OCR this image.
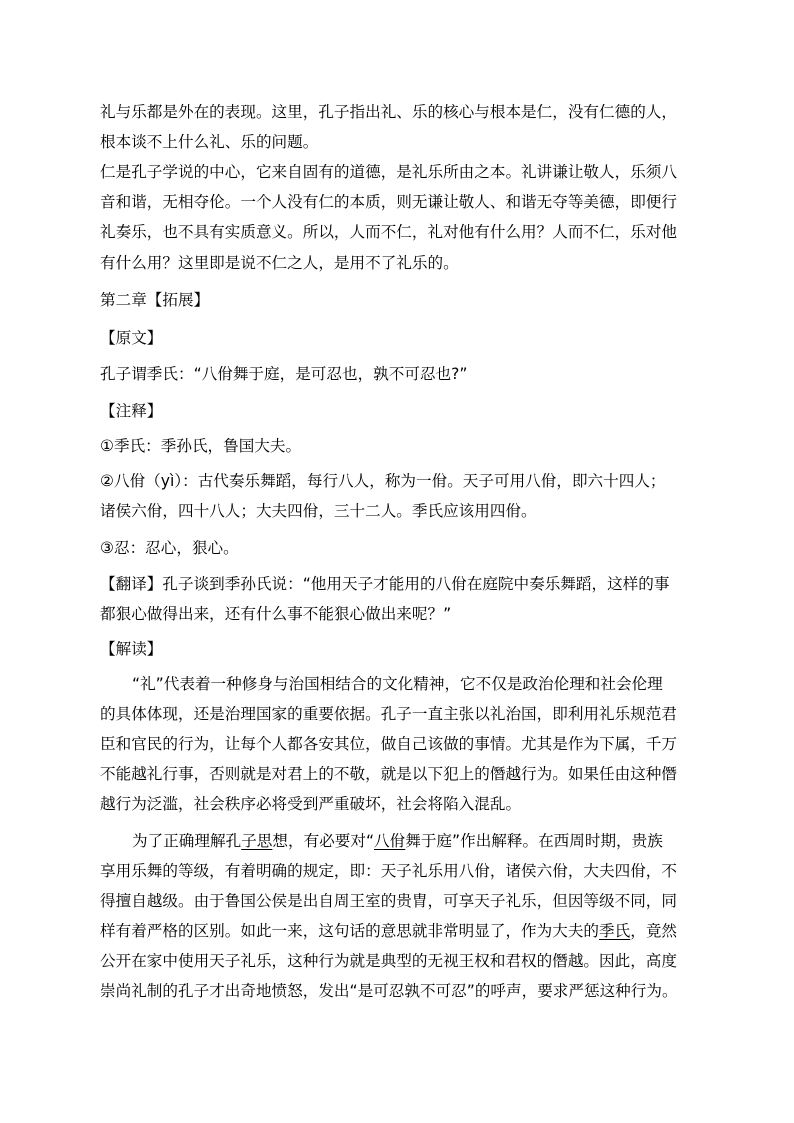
礼与乐都是外在的表现。这里，孔子指出礼、乐的核心与根本是仁，没有仁德的人，
根本谈不上什么礼、乐的问题。
仁是孔子学说的中心，它来自固有的道德，是礼乐所由之本。礼讲谦让敬人，乐须八
音和谐，无相夺伦。一个人没有仁的本质，则无谦让敬人、和谐无夺等美德，即便行
礼奏乐，也不具有实质意义。所以，人而不仁，礼对他有什么用？人而不仁，乐对他
有什么用？这里即是说不仁之人，是用不了礼乐的。
第二章【拓展】
【原文】
孔子谓季氏：“八佾舞于庭，是可忍也，孰不可忍也?”
【注释】
①季氏：季孙氏，鲁国大夫。
②八佾（yì）：古代奏乐舞蹈，每行八人，称为一佾。天子可用八佾，即六十四人；
诸侯六佾，四十八人；大夫四佾，三十二人。季氏应该用四佾。
③忍：忍心，狠心。
【翻译】孔子谈到季孙氏说：“他用天子才能用的八佾在庭院中奏乐舞蹈，这样的事
都狠心做得出来，还有什么事不能狠心做出来呢？”
【解读】
“礼”代表着一种修身与治国相结合的文化精神，它不仅是政治伦理和社会伦理
的具体体现，还是治理国家的重要依据。孔子一直主张以礼治国，即利用礼乐规范君
臣和官民的行为，让每个人都各安其位，做自己该做的事情。尤其是作为下属，千万
不能越礼行事，否则就是对君上的不敬，就是以下犯上的僭越行为。如果任由这种僭
越行为泛滥，社会秩序必将受到严重破坏，社会将陷入混乱。
为了正确理解孔子思想，有必要对“八佾舞于庭”作出解释。在西周时期，贵族
享用乐舞的等级，有着明确的规定，即：天子礼乐用八佾，诸侯六佾，大夫四佾，不
得擅自越级。由于鲁国公侯是出自周王室的贵胄，可享天子礼乐，但因等级不同，同
样有着严格的区别。如此一来，这句话的意思就非常明显了，作为大夫的季氏，竟然
公开在家中使用天子礼乐，这种行为就是典型的无视王权和君权的僭越。因此，高度
崇尚礼制的孔子才出奇地愤怒，发出“是可忍孰不可忍”的呼声，要求严惩这种行为。
